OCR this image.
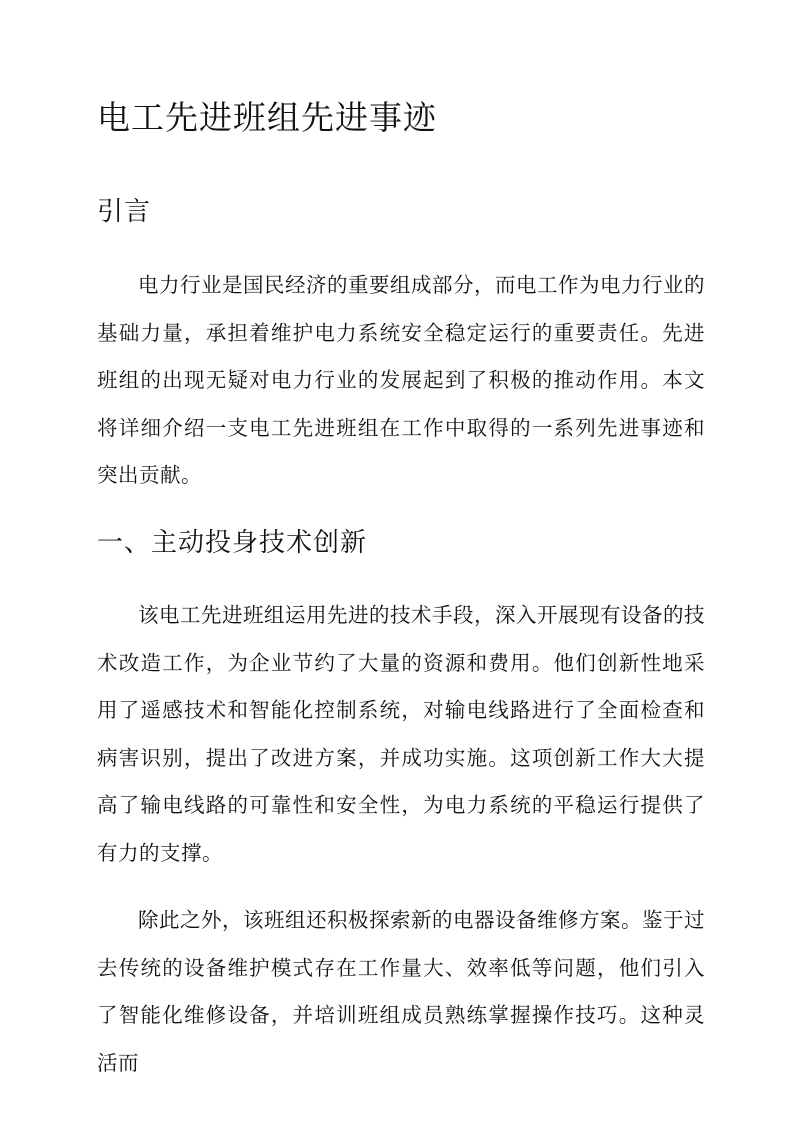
电工先进班组先进事迹
引言

电力行业是国民经济的重要组成部分，而电工作为电力行业的基础力量，承担着维护电力系统安全稳定运行的重要责任。先进班组的出现无疑对电力行业的发展起到了积极的推动作用。本文将详细介绍一支电工先进班组在工作中取得的一系列先进事迹和突出贡献。

一、主动投身技术创新

该电工先进班组运用先进的技术手段，深入开展现有设备的技术改造工作，为企业节约了大量的资源和费用。他们创新性地采用了遥感技术和智能化控制系统，对输电线路进行了全面检查和病害识别，提出了改进方案，并成功实施。这项创新工作大大提高了输电线路的可靠性和安全性，为电力系统的平稳运行提供了有力的支撑。

除此之外，该班组还积极探索新的电器设备维修方案。鉴于过去传统的设备维护模式存在工作量大、效率低等问题，他们引入了智能化维修设备，并培训班组成员熟练掌握操作技巧。这种灵活而
